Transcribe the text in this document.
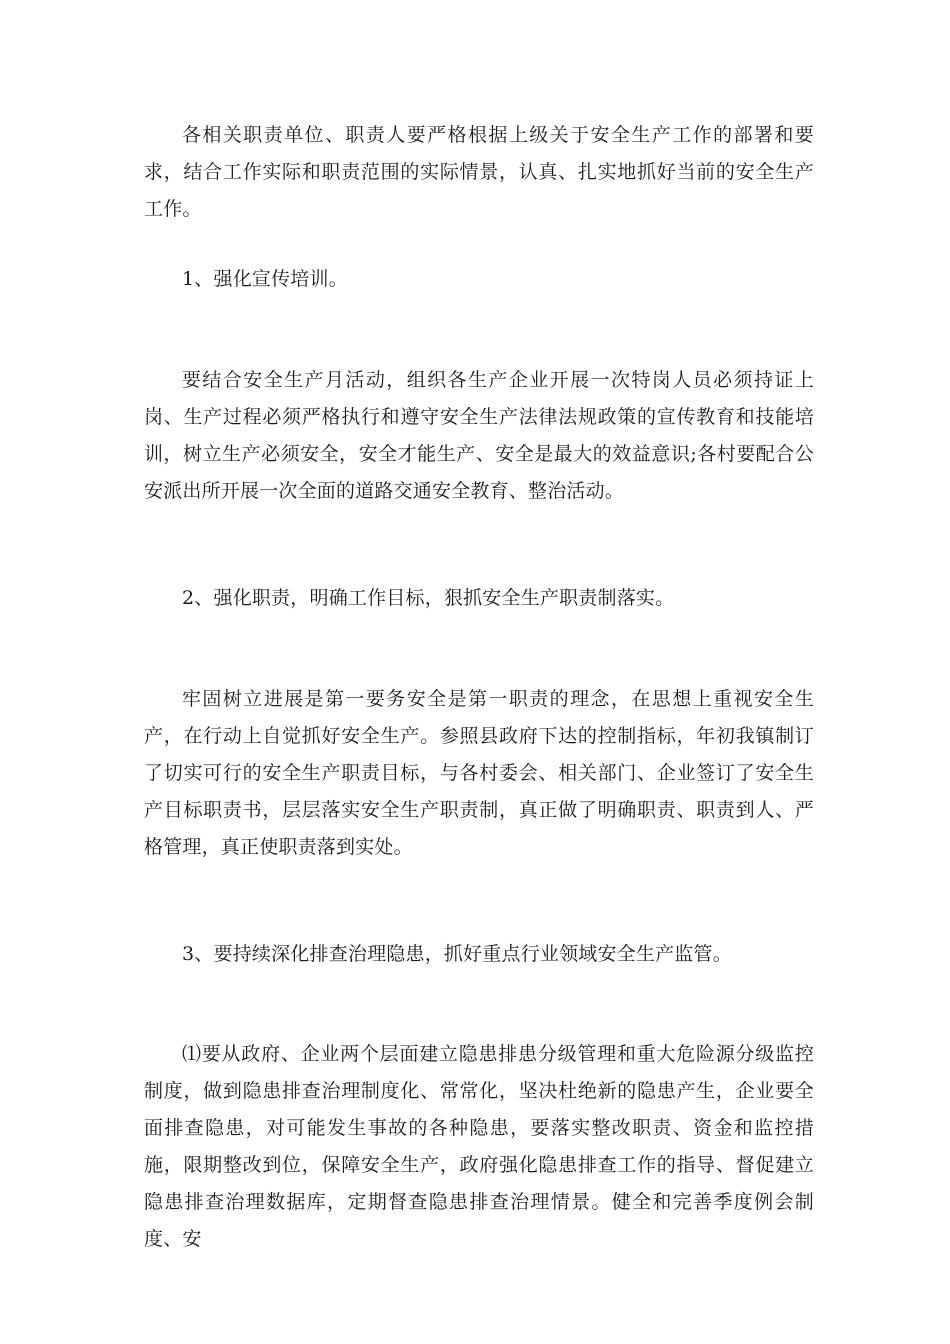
各相关职责单位、职责人要严格根据上级关于安全生产工作的部署和要求，结合工作实际和职责范围的实际情景，认真、扎实地抓好当前的安全生产工作。

1、强化宣传培训。

要结合安全生产月活动，组织各生产企业开展一次特岗人员必须持证上岗、生产过程必须严格执行和遵守安全生产法律法规政策的宣传教育和技能培训，树立生产必须安全，安全才能生产、安全是最大的效益意识;各村要配合公安派出所开展一次全面的道路交通安全教育、整治活动。

2、强化职责，明确工作目标，狠抓安全生产职责制落实。

牢固树立进展是第一要务安全是第一职责的理念，在思想上重视安全生产，在行动上自觉抓好安全生产。参照县政府下达的控制指标，年初我镇制订了切实可行的安全生产职责目标，与各村委会、相关部门、企业签订了安全生产目标职责书，层层落实安全生产职责制，真正做了明确职责、职责到人、严格管理，真正使职责落到实处。

3、要持续深化排查治理隐患，抓好重点行业领域安全生产监管。

⑴要从政府、企业两个层面建立隐患排患分级管理和重大危险源分级监控制度，做到隐患排查治理制度化、常常化，坚决杜绝新的隐患产生，企业要全面排查隐患，对可能发生事故的各种隐患，要落实整改职责、资金和监控措施，限期整改到位，保障安全生产，政府强化隐患排查工作的指导、督促建立隐患排查治理数据库，定期督查隐患排查治理情景。健全和完善季度例会制度、安
